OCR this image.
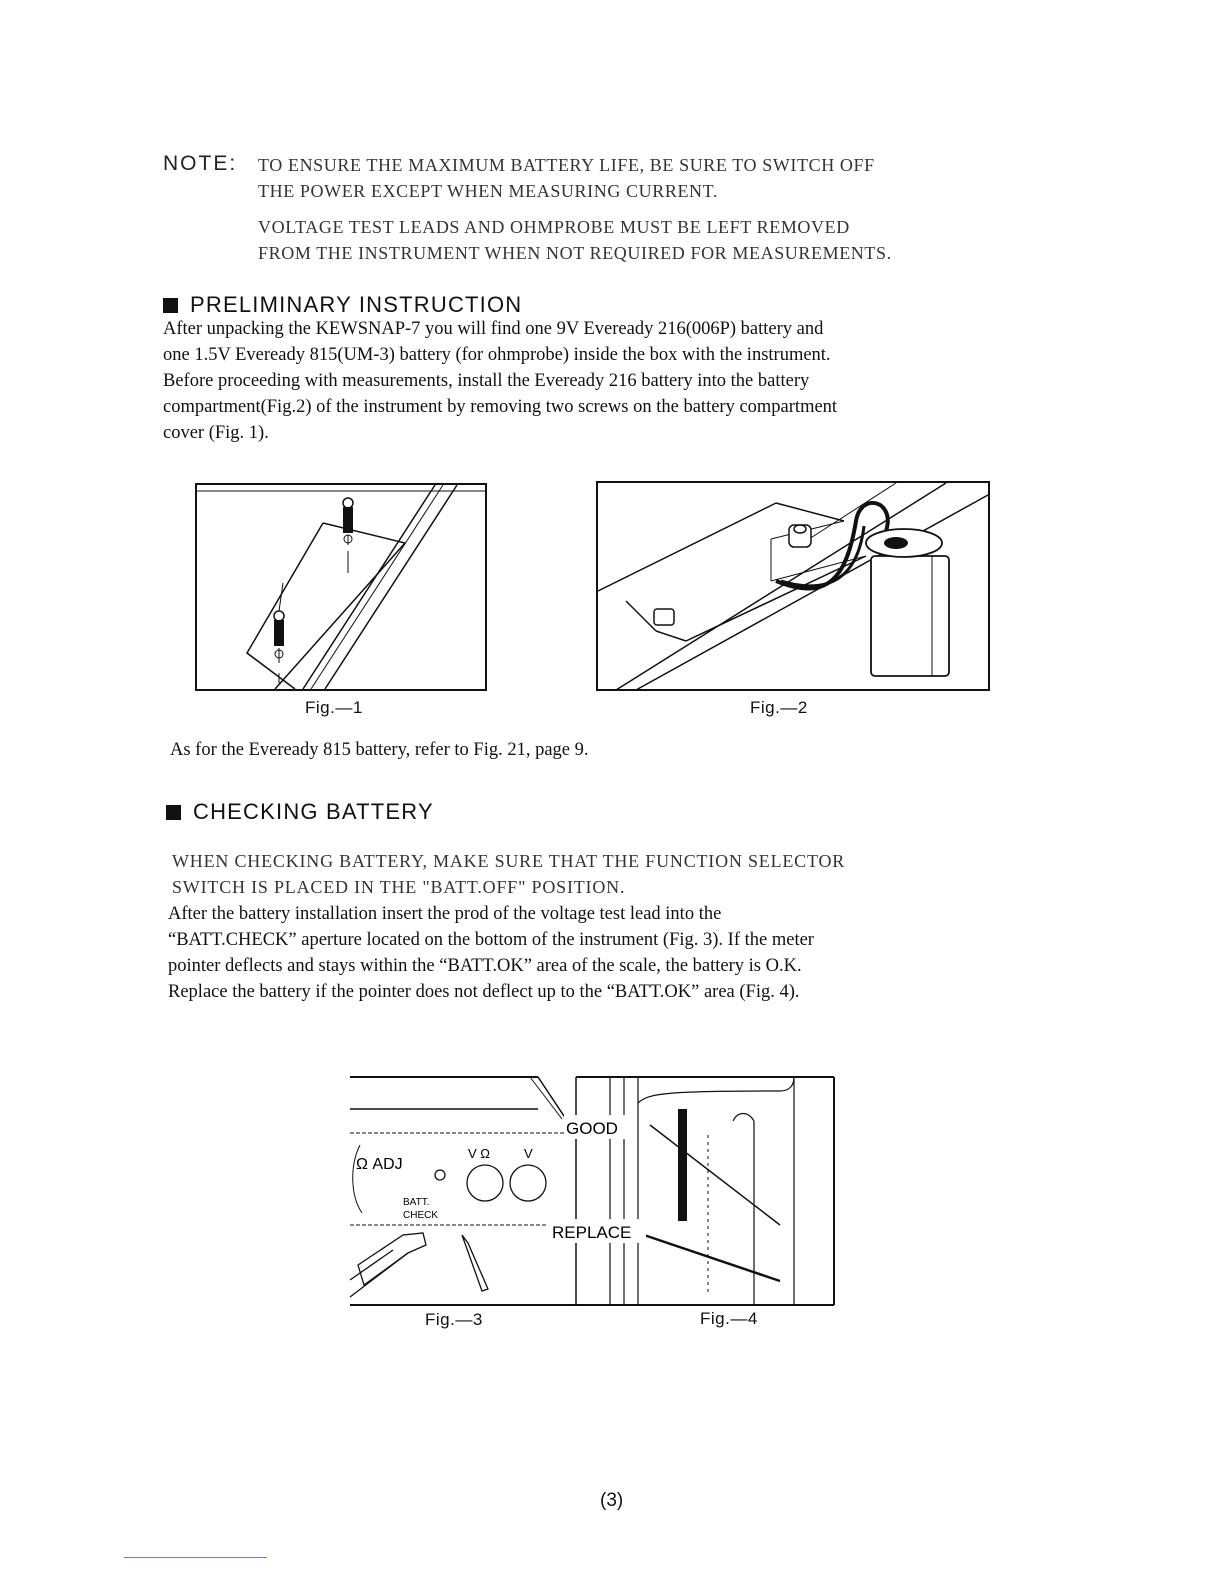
NOTE: TO ENSURE THE MAXIMUM BATTERY LIFE, BE SURE TO SWITCH OFF
THE POWER EXCEPT WHEN MEASURING CURRENT.
VOLTAGE TEST LEADS AND OHMPROBE MUST BE LEFT REMOVED
FROM THE INSTRUMENT WHEN NOT REQUIRED FOR MEASUREMENTS.
PRELIMINARY INSTRUCTION
After unpacking the KEWSNAP-7 you will find one 9V Eveready 216(006P) battery and
one 1.5V Eveready 815(UM-3) battery (for ohmprobe) inside the box with the instrument.
Before proceeding with measurements, install the Eveready 216 battery into the battery
compartment(Fig.2) of the instrument by removing two screws on the battery compartment
cover (Fig. 1).
Fig.—1	Fig.—2
As for the Eveready 815 battery, refer to Fig. 21, page 9.
CHECKING BATTERY
WHEN CHECKING BATTERY, MAKE SURE THAT THE FUNCTION SELECTOR
SWITCH IS PLACED IN THE "BATT.OFF" POSITION.
After the battery installation insert the prod of the voltage test lead into the
“BATT.CHECK” aperture located on the bottom of the instrument (Fig. 3). If the meter
pointer deflects and stays within the “BATT.OK” area of the scale, the battery is O.K.
Replace the battery if the pointer does not deflect up to the “BATT.OK” area (Fig. 4).
Ω ADJ
V Ω	V
BATT.
CHECK
GOOD
REPLACE
Fig.—3	Fig.—4
(3)
